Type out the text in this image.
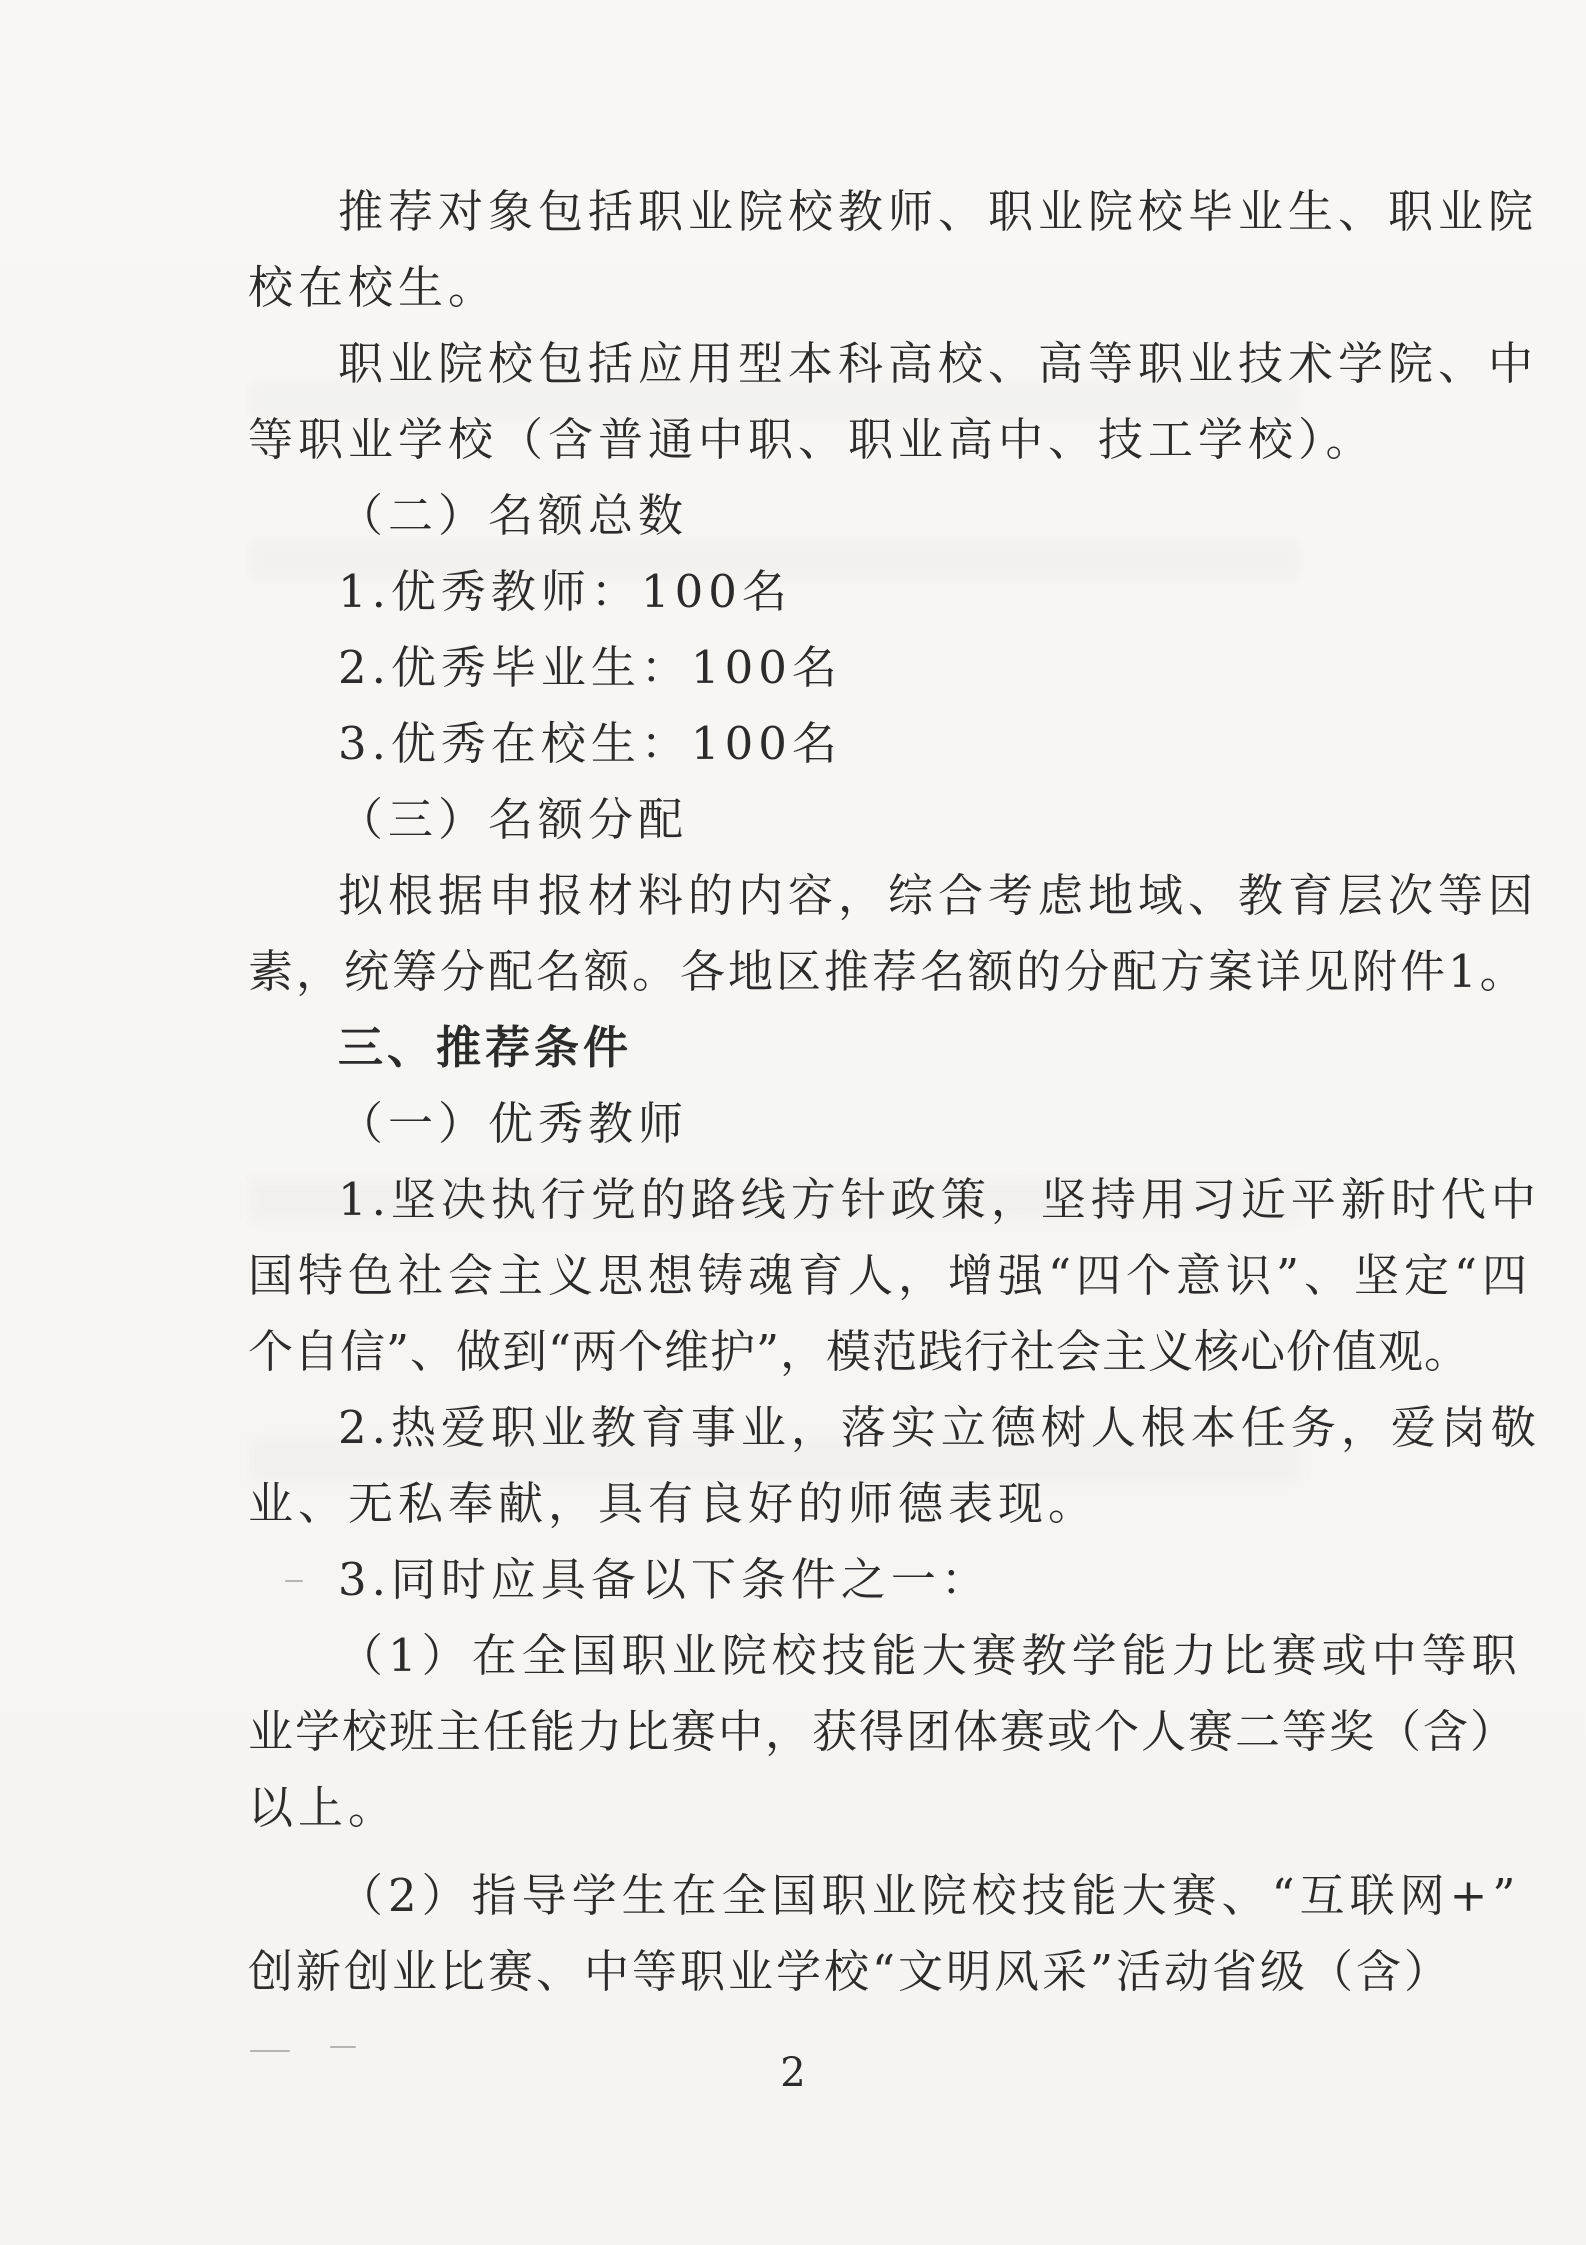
推荐对象包括职业院校教师、职业院校毕业生、职业院
校在校生。
职业院校包括应用型本科高校、高等职业技术学院、中
等职业学校（含普通中职、职业高中、技工学校）。
（二）名额总数
1.优秀教师：100名
2.优秀毕业生：100名
3.优秀在校生：100名
（三）名额分配
拟根据申报材料的内容，综合考虑地域、教育层次等因
素，统筹分配名额。各地区推荐名额的分配方案详见附件1。
三、推荐条件
（一）优秀教师
1.坚决执行党的路线方针政策，坚持用习近平新时代中
国特色社会主义思想铸魂育人，增强“四个意识”、坚定“四
个自信”、做到“两个维护”，模范践行社会主义核心价值观。
2.热爱职业教育事业，落实立德树人根本任务，爱岗敬
业、无私奉献，具有良好的师德表现。
3.同时应具备以下条件之一：
（1）在全国职业院校技能大赛教学能力比赛或中等职
业学校班主任能力比赛中，获得团体赛或个人赛二等奖（含）
以上。
（2）指导学生在全国职业院校技能大赛、“互联网+”
创新创业比赛、中等职业学校“文明风采”活动省级（含）
2
